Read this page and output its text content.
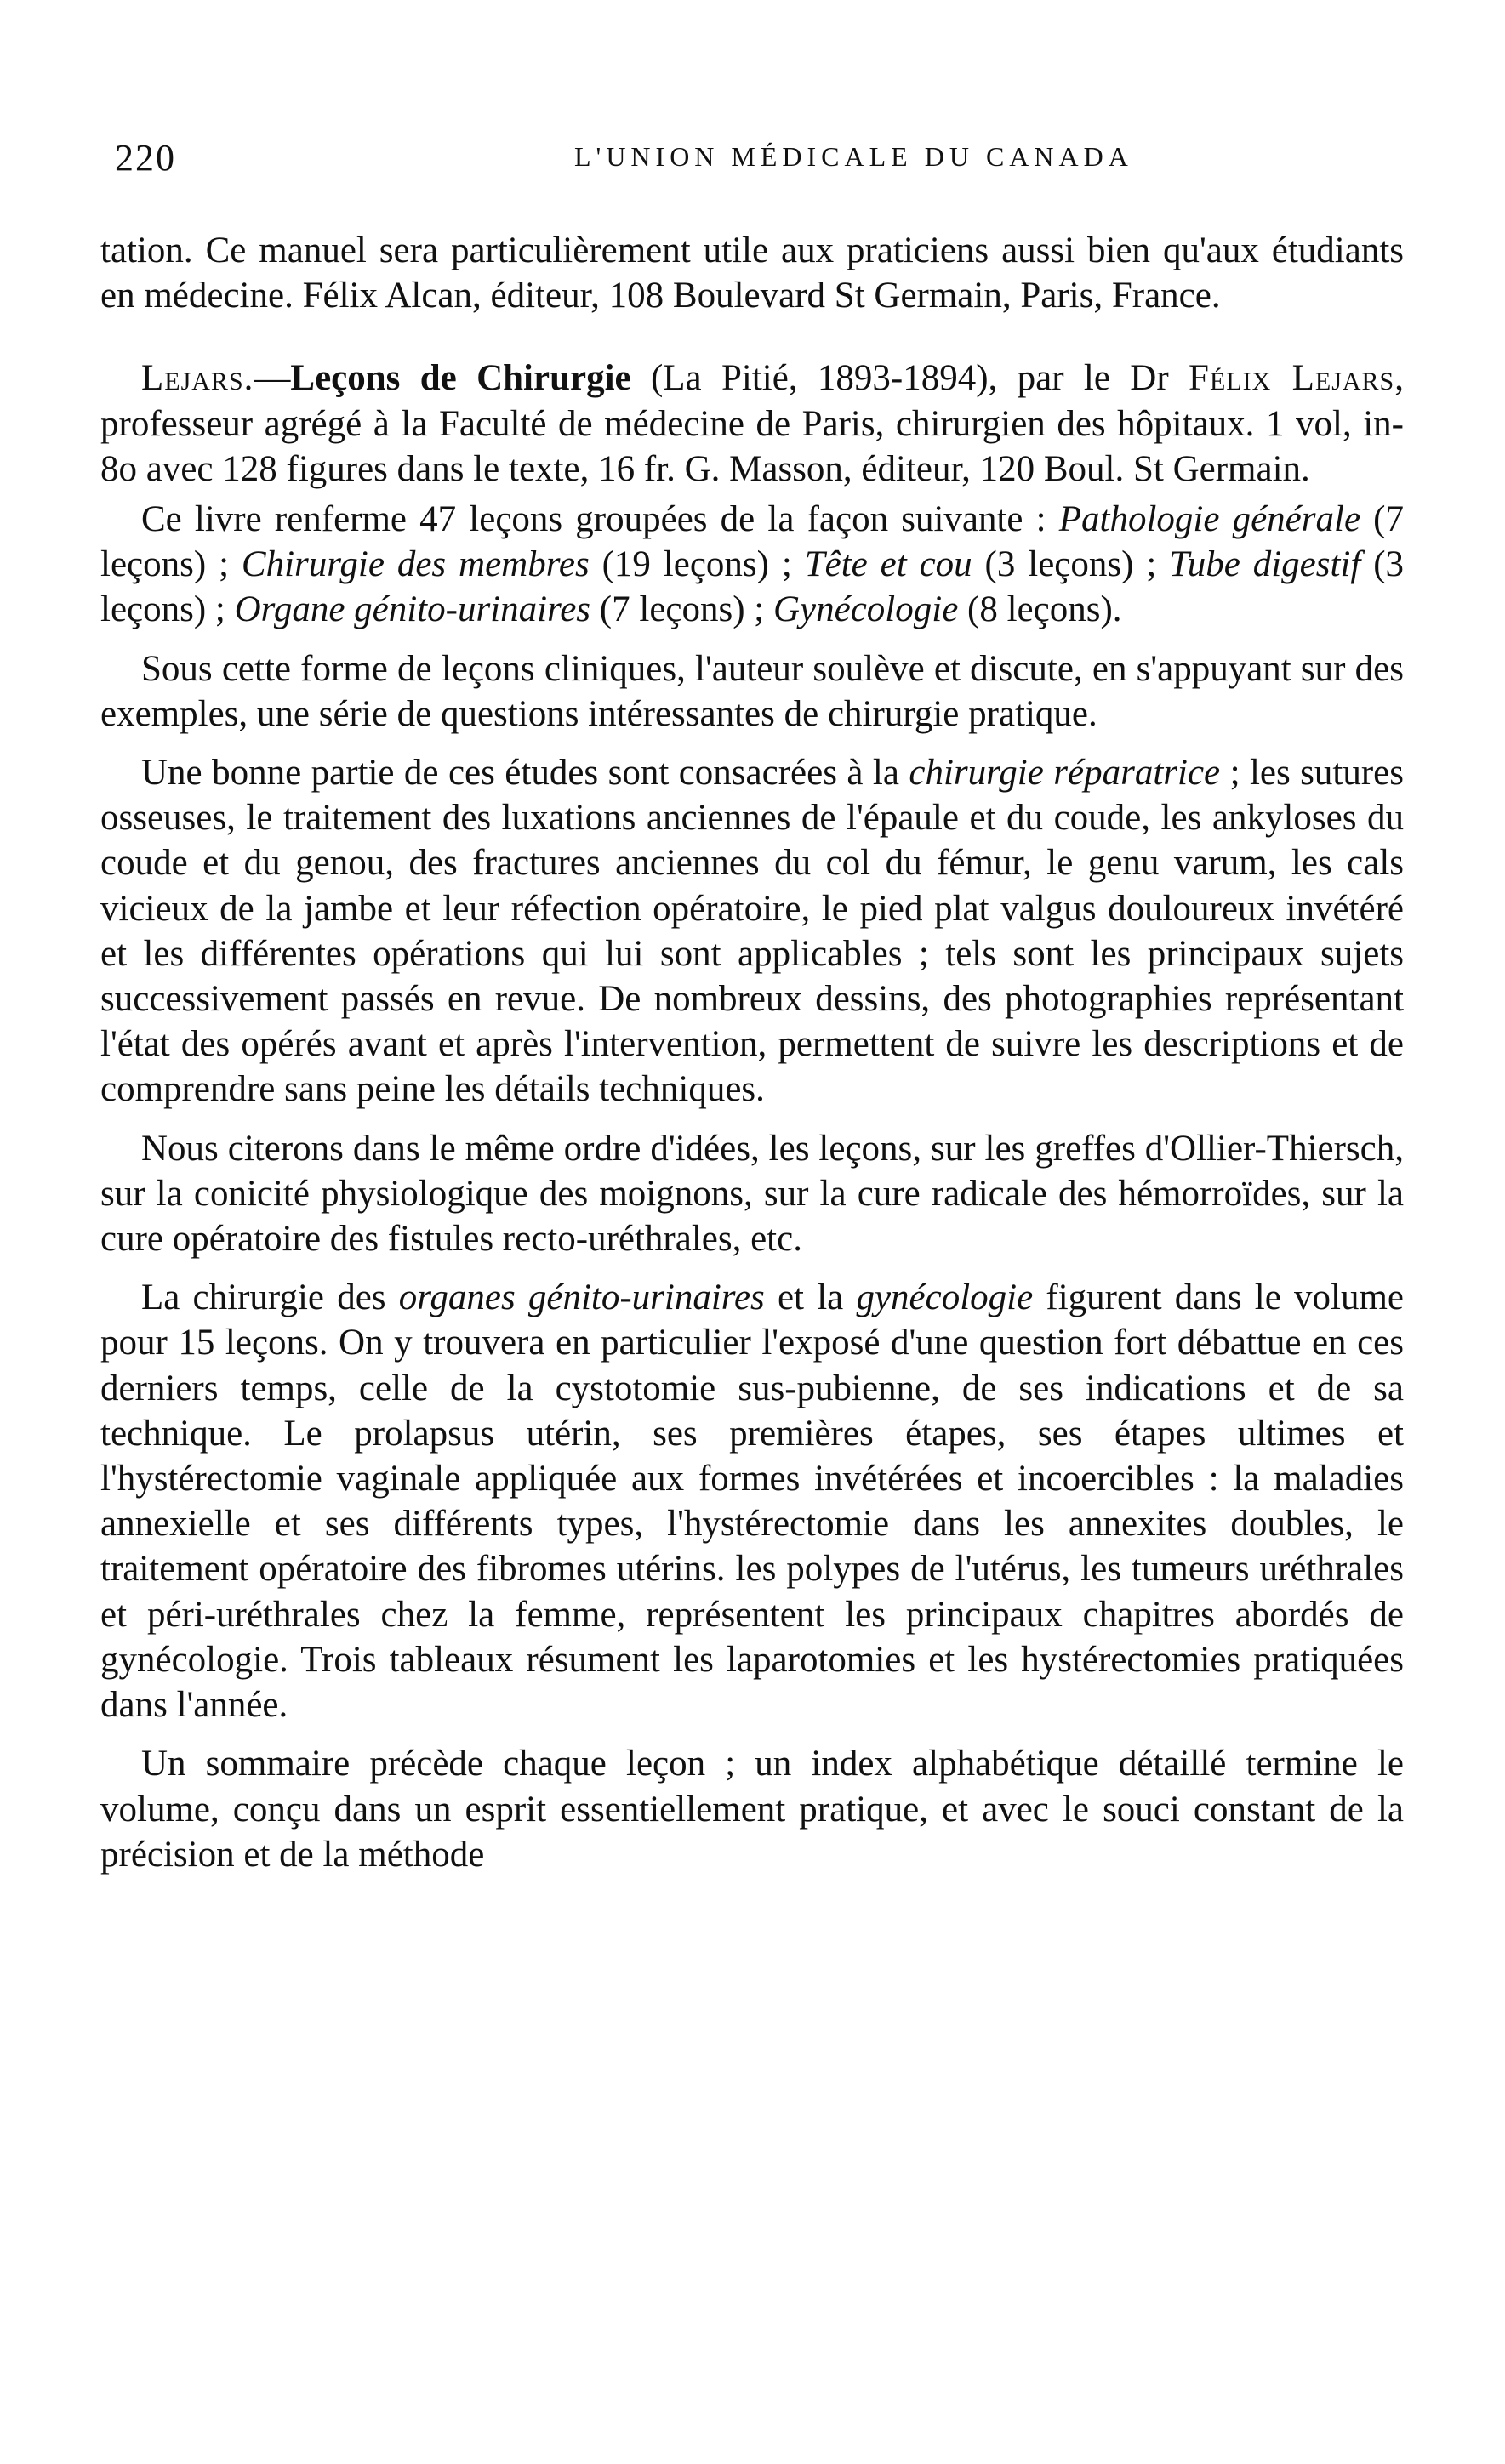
220	L'UNION MÉDICALE DU CANADA

tation. Ce manuel sera particulièrement utile aux praticiens aussi bien qu'aux étudiants en médecine. Félix Alcan, éditeur, 108 Boulevard St Germain, Paris, France.

Lejars.—Leçons de Chirurgie (La Pitié, 1893-1894), par le Dr Félix Lejars, professeur agrégé à la Faculté de médecine de Paris, chirurgien des hôpitaux. 1 vol, in-8o avec 128 figures dans le texte, 16 fr. G. Masson, éditeur, 120 Boul. St Germain.

Ce livre renferme 47 leçons groupées de la façon suivante : Pathologie générale (7 leçons) ; Chirurgie des membres (19 leçons) ; Tête et cou (3 leçons) ; Tube digestif (3 leçons) ; Organe génito-urinaires (7 leçons) ; Gynécologie (8 leçons).

Sous cette forme de leçons cliniques, l'auteur soulève et discute, en s'appuyant sur des exemples, une série de questions intéressantes de chirurgie pratique.

Une bonne partie de ces études sont consacrées à la chirurgie réparatrice ; les sutures osseuses, le traitement des luxations anciennes de l'épaule et du coude, les ankyloses du coude et du genou, des fractures anciennes du col du fémur, le genu varum, les cals vicieux de la jambe et leur réfection opératoire, le pied plat valgus douloureux invétéré et les différentes opérations qui lui sont applicables ; tels sont les principaux sujets successivement passés en revue. De nombreux dessins, des photographies représentant l'état des opérés avant et après l'intervention, permettent de suivre les descriptions et de comprendre sans peine les détails techniques.

Nous citerons dans le même ordre d'idées, les leçons, sur les greffes d'Ollier-Thiersch, sur la conicité physiologique des moignons, sur la cure radicale des hémorroïdes, sur la cure opératoire des fistules recto-uréthrales, etc.

La chirurgie des organes génito-urinaires et la gynécologie figurent dans le volume pour 15 leçons. On y trouvera en particulier l'exposé d'une question fort débattue en ces derniers temps, celle de la cystotomie sus-pubienne, de ses indications et de sa technique. Le prolapsus utérin, ses premières étapes, ses étapes ultimes et l'hystérectomie vaginale appliquée aux formes invétérées et incoercibles : la maladies annexielle et ses différents types, l'hystérectomie dans les annexites doubles, le traitement opératoire des fibromes utérins. les polypes de l'utérus, les tumeurs uréthrales et péri-uréthrales chez la femme, représentent les principaux chapitres abordés de gynécologie. Trois tableaux résument les laparotomies et les hystérectomies pratiquées dans l'année.

Un sommaire précède chaque leçon ; un index alphabétique détaillé termine le volume, conçu dans un esprit essentiellement pratique, et avec le souci constant de la précision et de la méthode
